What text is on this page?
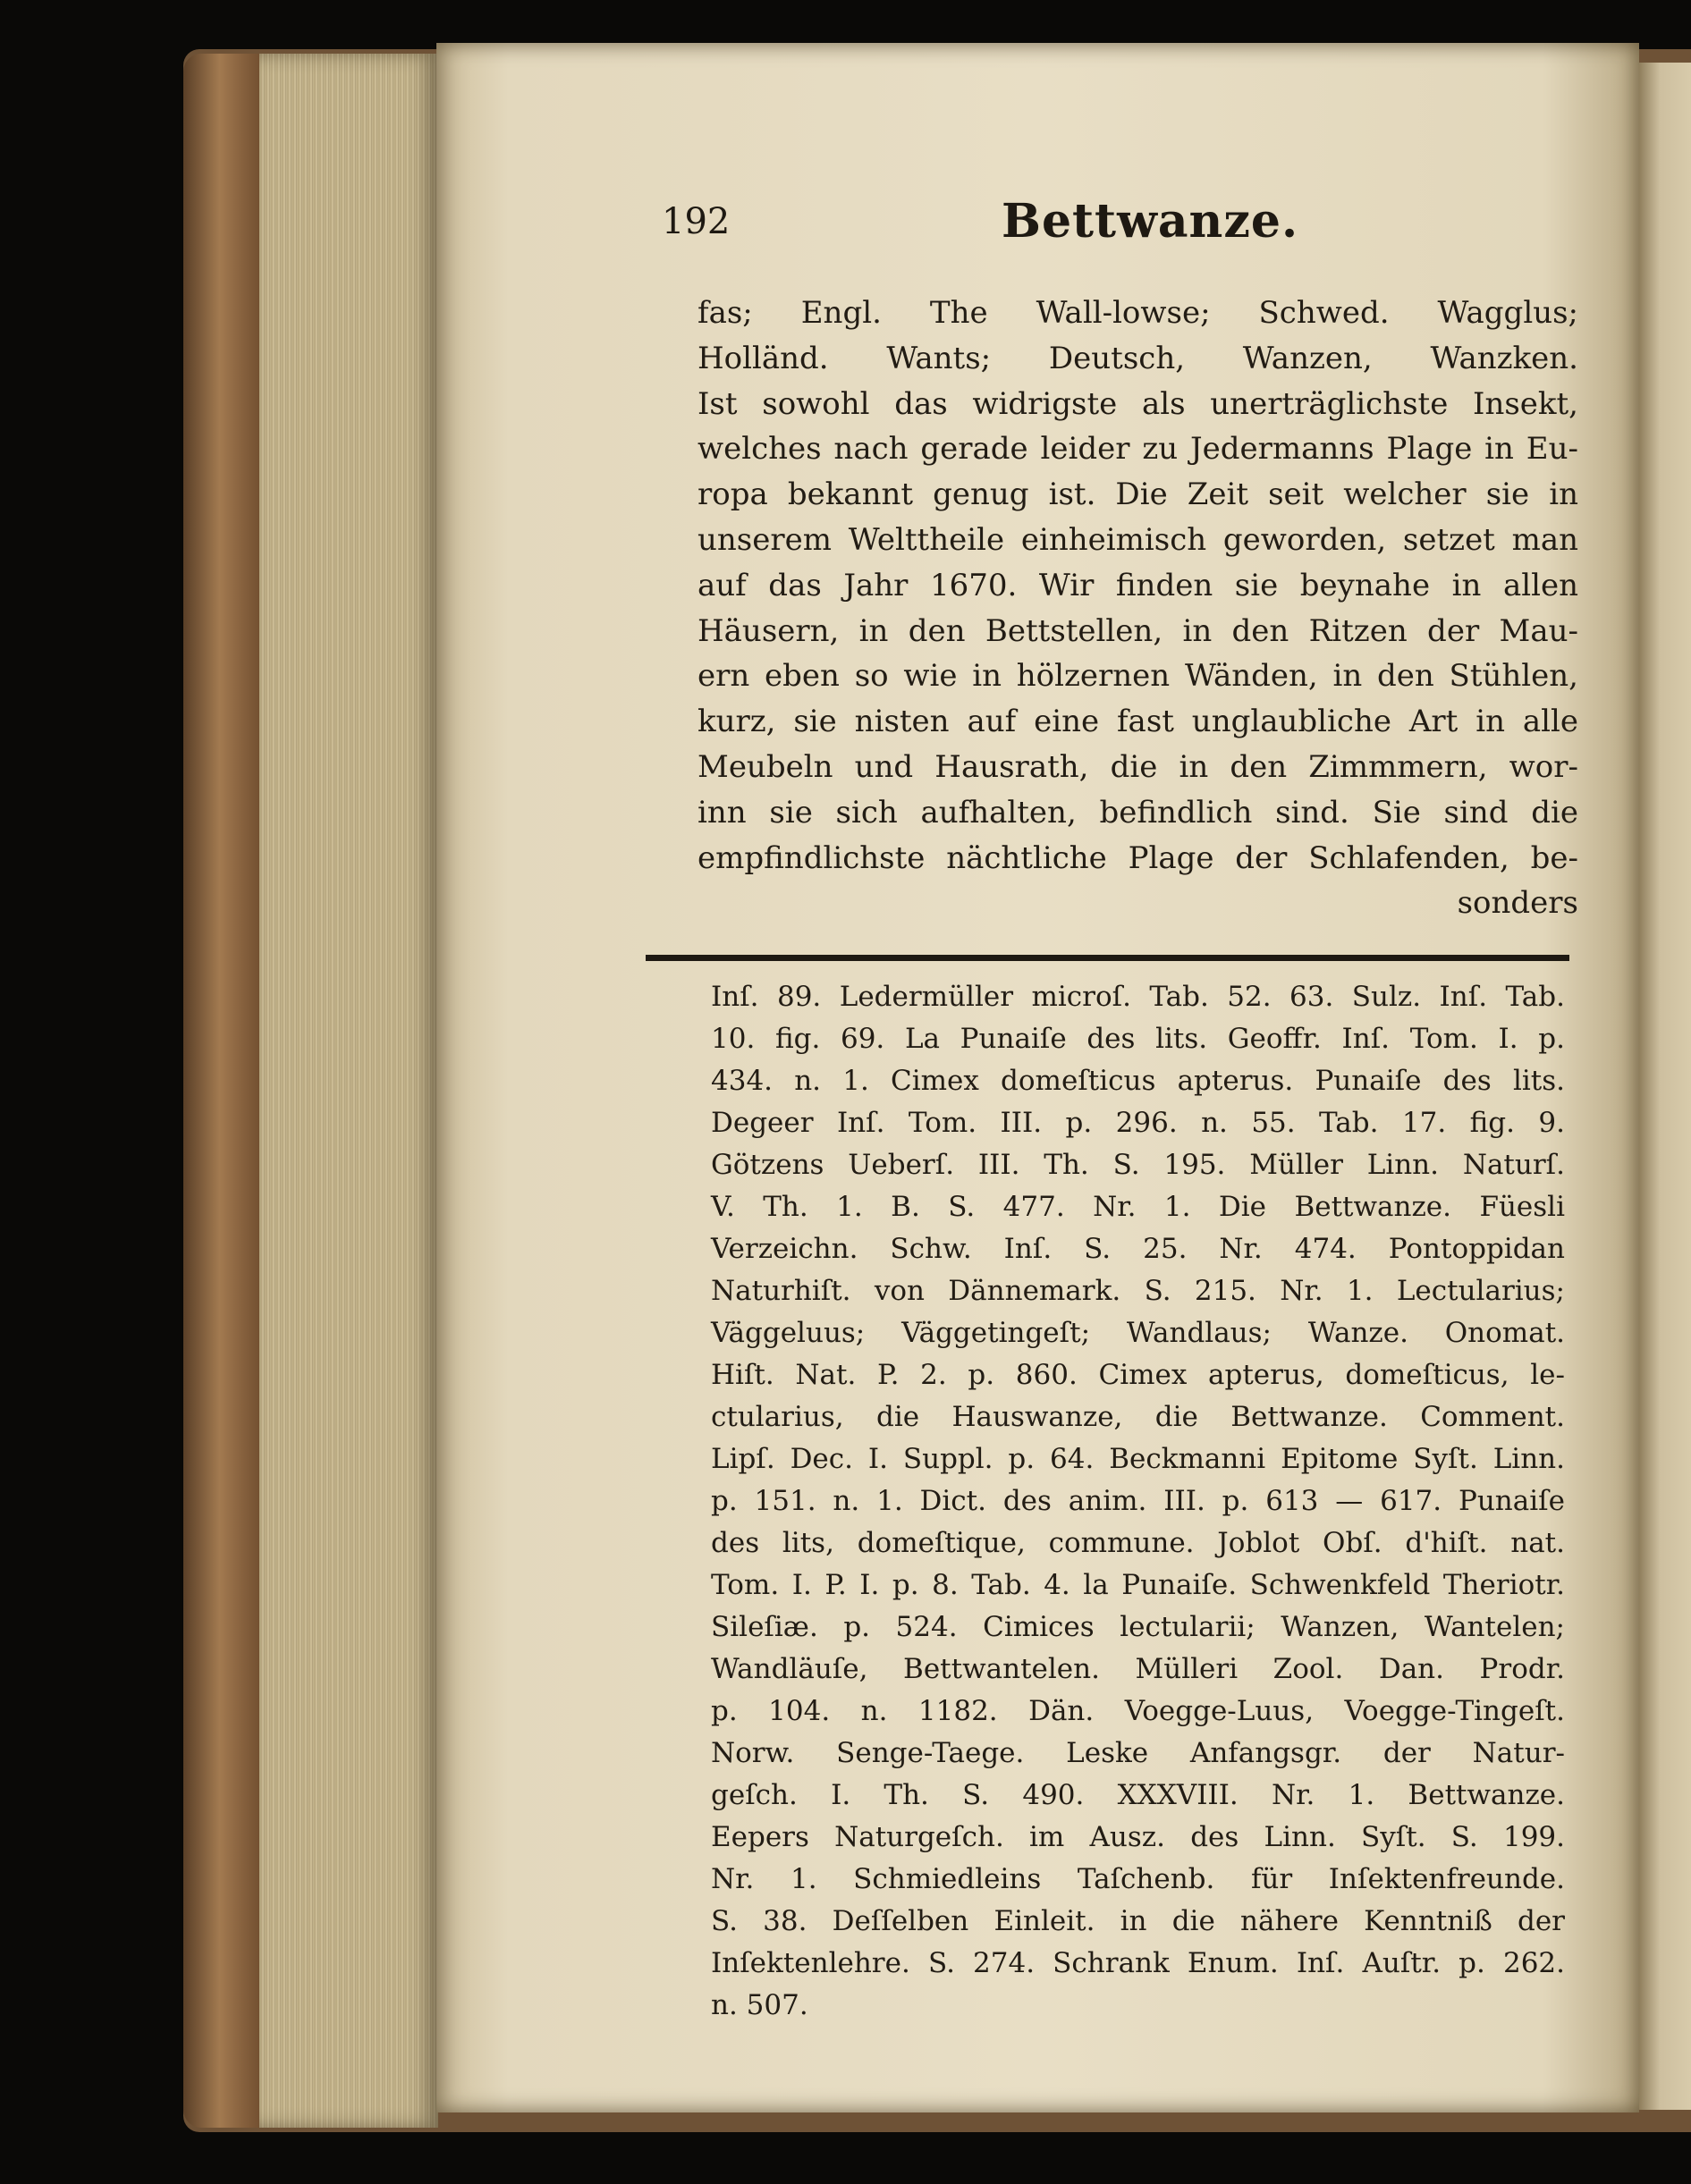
192	Bettwanze.
fas; Engl. The Wall-lowse; Schwed. Wagglus;
Holländ. Wants; Deutsch, Wanzen, Wanzken.
Ist sowohl das widrigste als unerträglichste Insekt,
welches nach gerade leider zu Jedermanns Plage in Eu-
ropa bekannt genug ist. Die Zeit seit welcher sie in
unserem Welttheile einheimisch geworden, setzet man
auf das Jahr 1670. Wir finden sie beynahe in allen
Häusern, in den Bettstellen, in den Ritzen der Mau-
ern eben so wie in hölzernen Wänden, in den Stühlen,
kurz, sie nisten auf eine fast unglaubliche Art in alle
Meubeln und Hausrath, die in den Zimmmern, wor-
inn sie sich aufhalten, befindlich sind. Sie sind die
empfindlichste nächtliche Plage der Schlafenden, be-
sonders
Inſ. 89. Ledermüller microſ. Tab. 52. 63. Sulz. Inſ. Tab.
10. fig. 69. La Punaiſe des lits. Geoffr. Inſ. Tom. I. p.
434. n. 1. Cimex domeſticus apterus. Punaiſe des lits.
Degeer Inſ. Tom. III. p. 296. n. 55. Tab. 17. fig. 9.
Götzens Ueberſ. III. Th. S. 195. Müller Linn. Naturſ.
V. Th. 1. B. S. 477. Nr. 1. Die Bettwanze. Füesli
Verzeichn. Schw. Inſ. S. 25. Nr. 474. Pontoppidan
Naturhiſt. von Dännemark. S. 215. Nr. 1. Lectularius;
Väggeluus; Väggetingeſt; Wandlaus; Wanze. Onomat.
Hiſt. Nat. P. 2. p. 860. Cimex apterus, domeſticus, le-
ctularius, die Hauswanze, die Bettwanze. Comment.
Lipſ. Dec. I. Suppl. p. 64. Beckmanni Epitome Syſt. Linn.
p. 151. n. 1. Dict. des anim. III. p. 613 — 617. Punaiſe
des lits, domeſtique, commune. Joblot Obſ. d'hiſt. nat.
Tom. I. P. I. p. 8. Tab. 4. la Punaiſe. Schwenkfeld Theriotr.
Sileſiæ. p. 524. Cimices lectularii; Wanzen, Wantelen;
Wandläuſe, Bettwantelen. Mülleri Zool. Dan. Prodr.
p. 104. n. 1182. Dän. Voegge-Luus, Voegge-Tingeſt.
Norw. Senge-Taege. Leske Anfangsgr. der Natur-
geſch. I. Th. S. 490. XXXVIII. Nr. 1. Bettwanze.
Eepers Naturgeſch. im Ausz. des Linn. Syſt. S. 199.
Nr. 1. Schmiedleins Taſchenb. für Inſektenfreunde.
S. 38. Deſſelben Einleit. in die nähere Kenntniß der
Inſektenlehre. S. 274. Schrank Enum. Inſ. Auſtr. p. 262.
n. 507.
